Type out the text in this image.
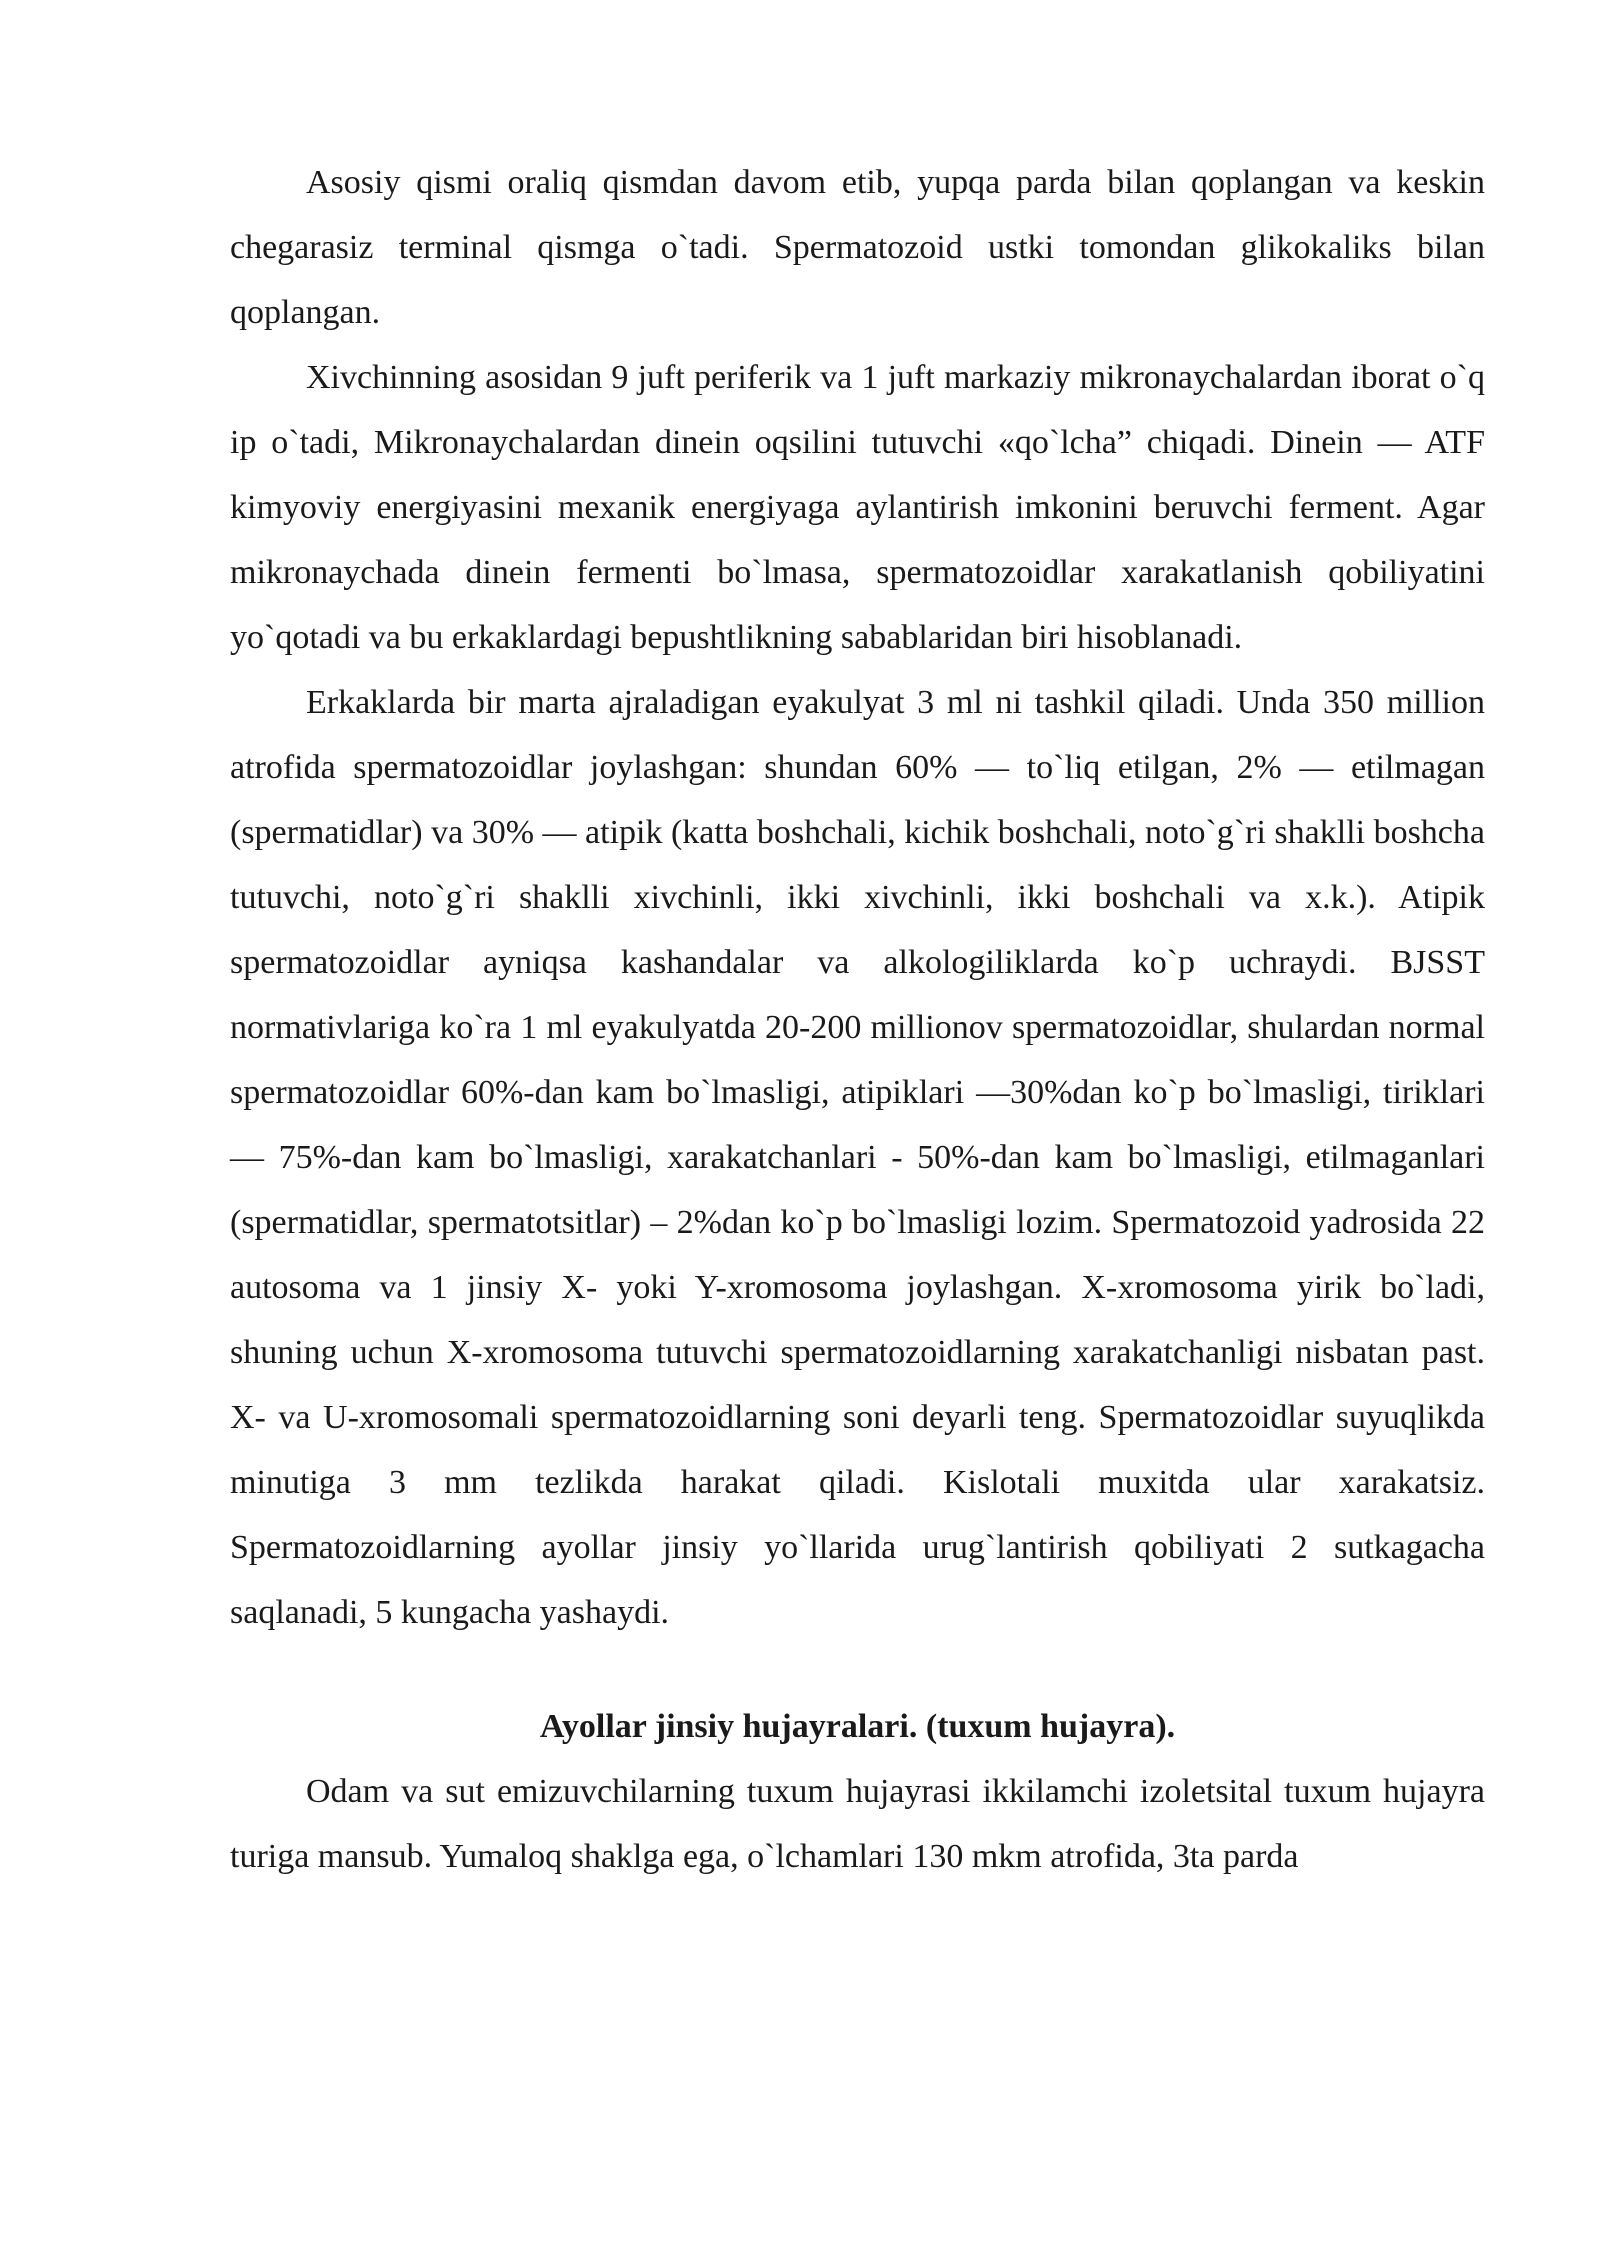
Asosiy qismi oraliq qismdan davom etib, yupqa parda bilan qoplangan va keskin chegarasiz terminal qismga o`tadi. Spermatozoid ustki tomondan glikokaliks bilan qoplangan.

Xivchinning asosidan 9 juft periferik va 1 juft markaziy mikronaychalardan iborat o`q ip o`tadi, Mikronaychalardan dinein oqsilini tutuvchi «qo`lcha” chiqadi. Dinein — ATF kimyoviy energiyasini mexanik energiyaga aylantirish imkonini beruvchi ferment. Agar mikronaychada dinein fermenti bo`lmasa, spermatozoidlar xarakatlanish qobiliyatini yo`qotadi va bu erkaklardagi bepushtlikning sabablaridan biri hisoblanadi.

Erkaklarda bir marta ajraladigan eyakulyat 3 ml ni tashkil qiladi. Unda 350 million atrofida spermatozoidlar joylashgan: shundan 60% — to`liq etilgan, 2% — etilmagan (spermatidlar) va 30% — atipik (katta boshchali, kichik boshchali, noto`g`ri shaklli boshcha tutuvchi, noto`g`ri shaklli xivchinli, ikki xivchinli, ikki boshchali va x.k.). Atipik spermatozoidlar ayniqsa kashandalar va alkologiliklarda ko`p uchraydi. BJSST normativlariga ko`ra 1 ml eyakulyatda 20-200 millionov spermatozoidlar, shulardan normal spermatozoidlar 60%-dan kam bo`lmasligi, atipiklari —30%dan ko`p bo`lmasligi, tiriklari — 75%-dan kam bo`lmasligi, xarakatchanlari - 50%-dan kam bo`lmasligi, etilmaganlari (spermatidlar, spermatotsitlar) – 2%dan ko`p bo`lmasligi lozim. Spermatozoid yadrosida 22 autosoma va 1 jinsiy X- yoki Y-xromosoma joylashgan. X-xromosoma yirik bo`ladi, shuning uchun X-xromosoma tutuvchi spermatozoidlarning xarakatchanligi nisbatan past. X- va U-xromosomali spermatozoidlarning soni deyarli teng. Spermatozoidlar suyuqlikda minutiga 3 mm tezlikda harakat qiladi. Kislotali muxitda ular xarakatsiz. Spermatozoidlarning ayollar jinsiy yo`llarida urug`lantirish qobiliyati 2 sutkagacha saqlanadi, 5 kungacha yashaydi.

Ayollar jinsiy hujayralari. (tuxum hujayra).

Odam va sut emizuvchilarning tuxum hujayrasi ikkilamchi izoletsital tuxum hujayra turiga mansub. Yumaloq shaklga ega, o`lchamlari 130 mkm atrofida, 3ta parda
